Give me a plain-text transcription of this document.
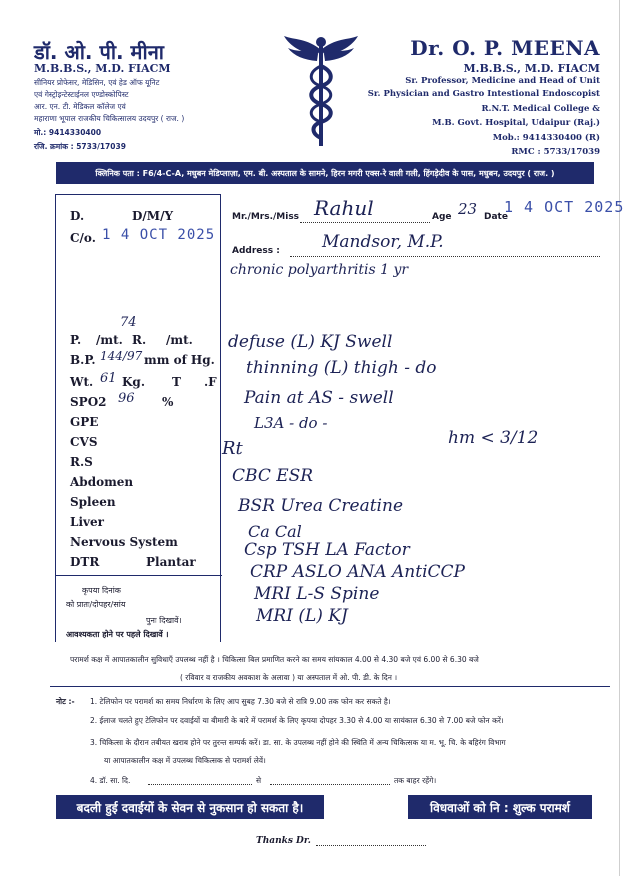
डॉ. ओ. पी. मीना
M.B.B.S., M.D. FIACM
सीनियर प्रोफेसर, मेडिसिन, एवं हेड ऑफ यूनिट
एवं गेस्ट्रोइन्टेस्टाईनल एण्डोस्कोपिस्ट
आर. एन. टी. मेडिकल कॉलेज एवं
महाराणा भूपाल राजकीय चिकित्सालय उदयपुर ( राज. )
मो.: 9414330400
रजि. क्रमांक : 5733/17039
Dr. O. P. MEENA
M.B.B.S., M.D. FIACM
Sr. Professor, Medicine and Head of Unit
Sr. Physician and Gastro Intestional Endoscopist
R.N.T. Medical College &
M.B. Govt. Hospital, Udaipur (Raj.)
Mob.: 9414330400 (R)
RMC : 5733/17039
क्लिनिक पता : F6/4-C-A, मधुबन मेडिप्लाज़ा, एम. बी. अस्पताल के सामने, हिरन मगरी एक्स-रे वाली गली, हिंगड़ेदीव के पास, मधुबन, उदयपुर ( राज. )
D.	D/M/Y
C/o. 1 4 OCT 2025
74
P. /mt. R. /mt.
B.P. 144/97 mm of Hg.
Wt. 61 Kg. T .F
SPO2 96 %
GPE
CVS
R.S
Abdomen
Spleen
Liver
Nervous System
DTR	Plantar
कृपया दिनांक
को प्रातः/दोपहर/सांय
पुनः दिखावें।
आवश्यकता होने पर पहले दिखावें ।
Mr./Mrs./Miss Rahul	Age 23 Date
1 4 OCT 2025
Address : Mandsor, M.P.
chronic polyarthritis 1 yr
defuse (L) KJ Swell
thinning (L) thigh - do
Pain at AS - swell
L3A - do -
Rt	hm < 3/12
CBC ESR
BSR Urea Creatine
Ca Cal
Csp TSH LA Factor
CRP ASLO ANA AntiCCP
MRI L-S Spine
MRI (L) KJ
परामर्श कक्ष में आपातकालीन सुविधाएँ उपलब्ध नहीं है । चिकित्सा बिल प्रमाणित करने का समय सांयकाल 4.00 से 4.30 बजे एवं 6.00 से 6.30 बजे
( रविवार व राजकीय अवकाश के अलावा ) या अस्पताल में ओ. पी. डी. के दिन ।
नोट :- 1. टेलिफोन पर परामर्श का समय निर्धारण के लिए आप सुबह 7.30 बजे से रात्रि 9.00 तक फोन कर सकते है।
2. ईलाज चलते हुए टेलिफोन पर दवाईयों या बीमारी के बारे में परामर्श के लिए कृपया दोपहर 3.30 से 4.00 या सायंकाल 6.30 से 7.00 बजे फोन करें।
3. चिकित्सा के दौरान तबीयत खराब होने पर तुरन्त सम्पर्क करें। डा. सा. के उपलब्ध नहीं होने की स्थिति में अन्य चिकित्सक या म. भू. चि. के बहिरंग विभाग
या आपातकालीन कक्ष में उपलब्ध चिकित्सक से परामर्श लेवें।
4. डॉ. सा. दि.	से	तक बाहर रहेंगे।
बदली हुई दवाईयों के सेवन से नुकसान हो सकता है।	विधवाओं को नि : शुल्क परामर्श
Thanks Dr.
